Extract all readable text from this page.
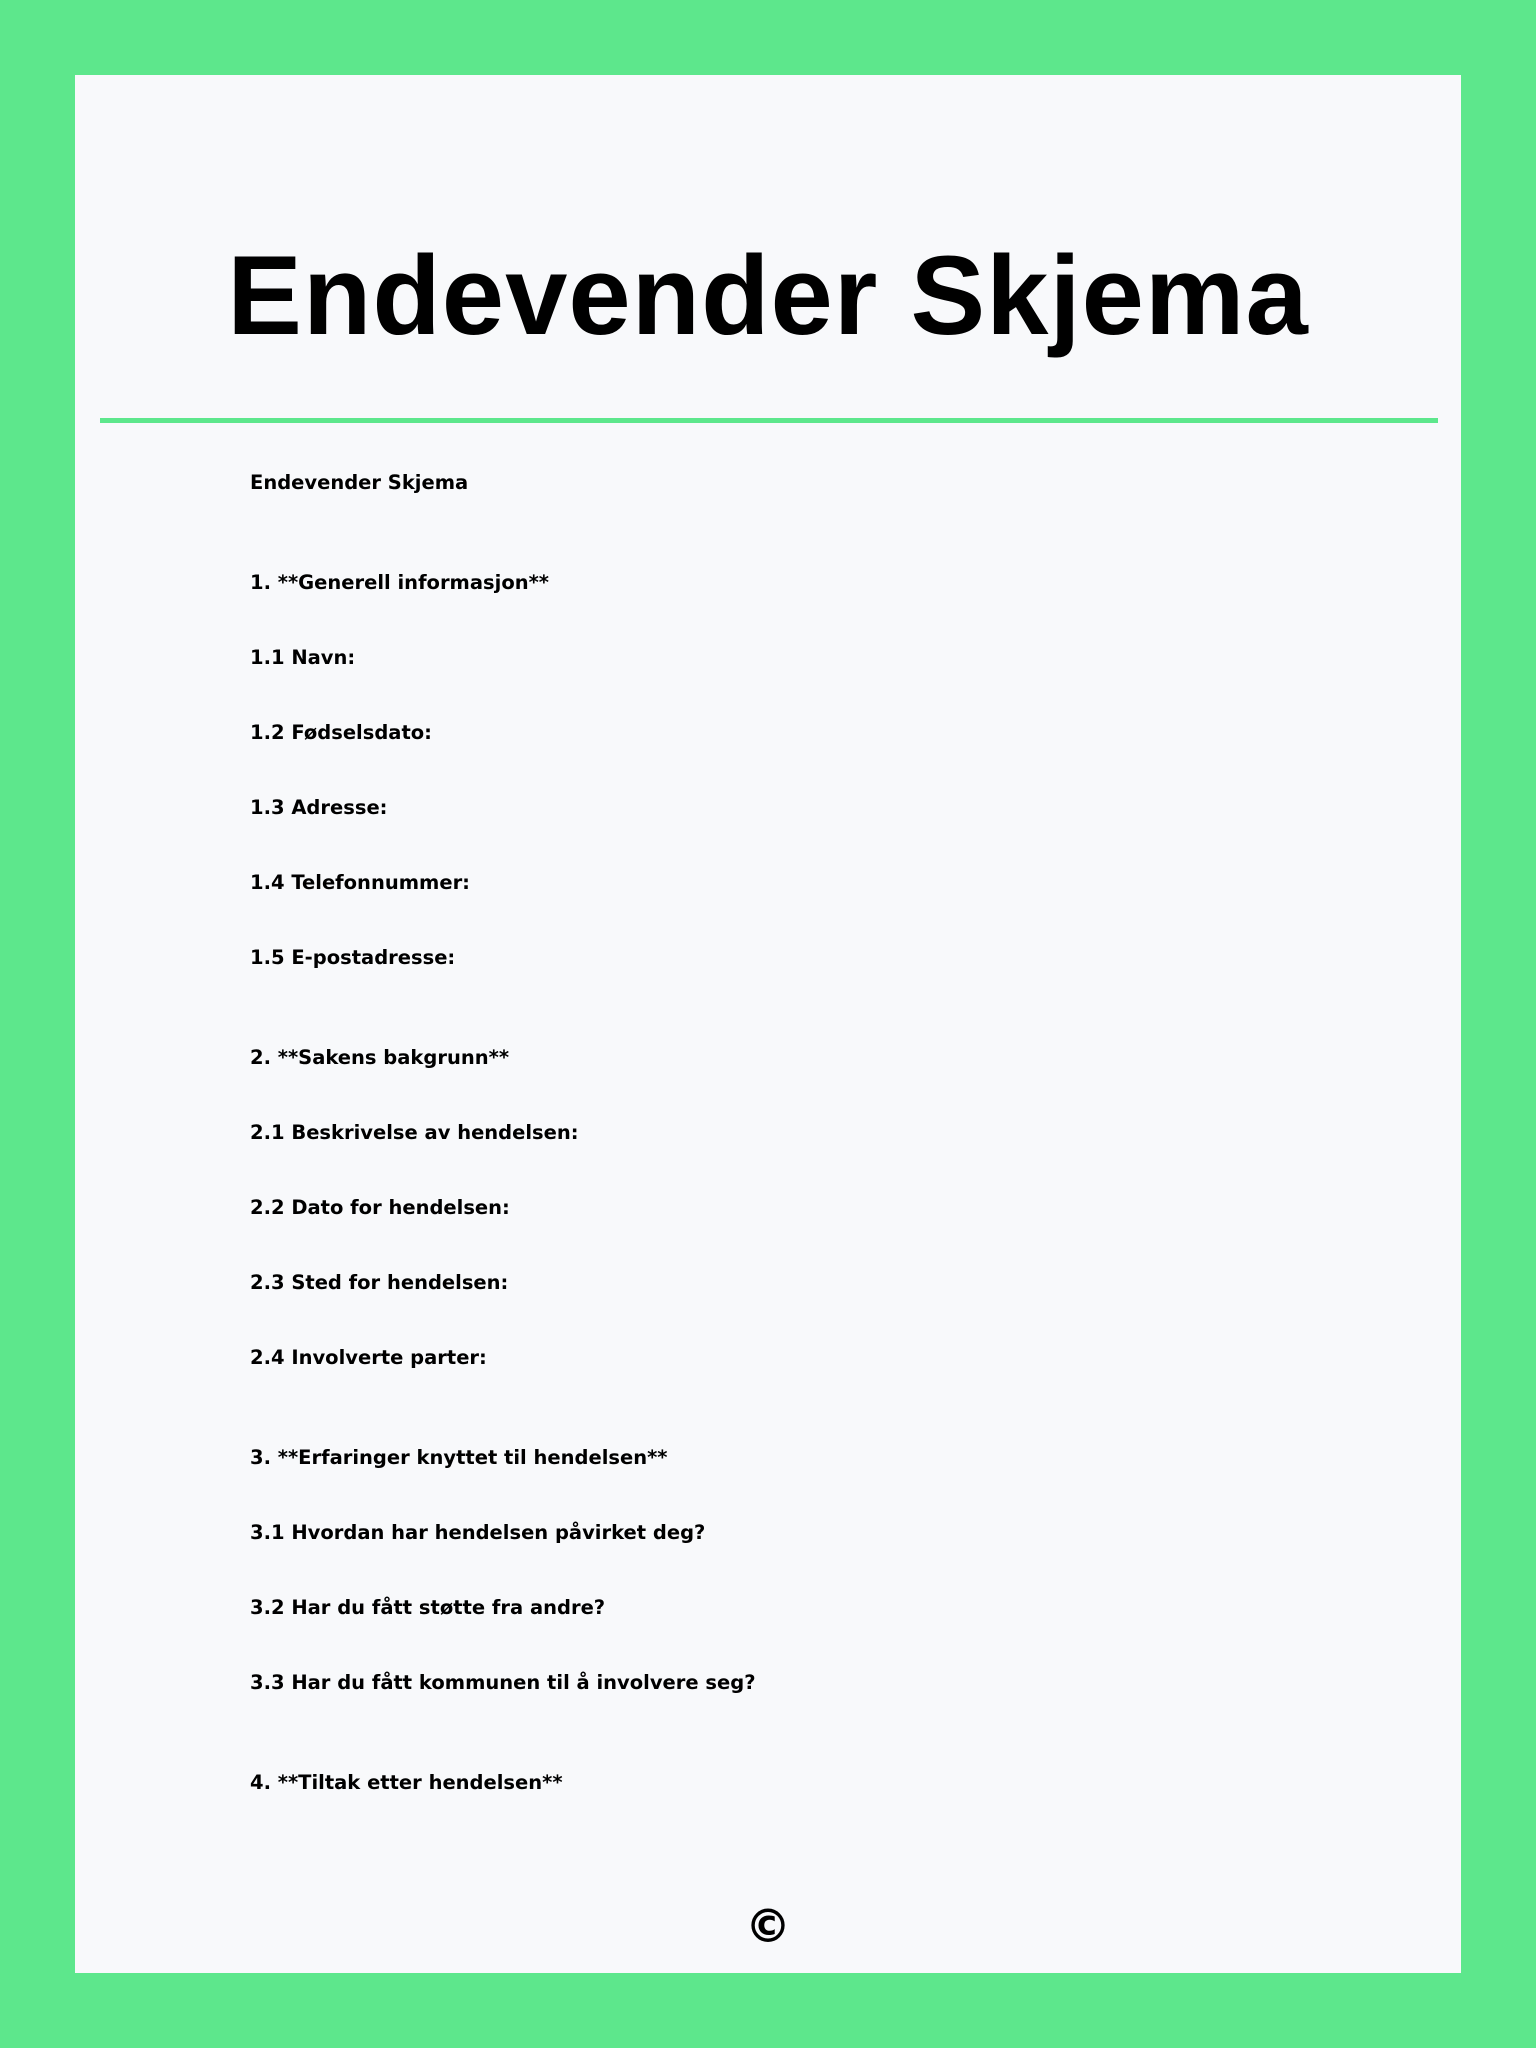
Endevender Skjema

Endevender Skjema

1. **Generell informasjon**

1.1 Navn:

1.2 Fødselsdato:

1.3 Adresse:

1.4 Telefonnummer:

1.5 E-postadresse:

2. **Sakens bakgrunn**

2.1 Beskrivelse av hendelsen:

2.2 Dato for hendelsen:

2.3 Sted for hendelsen:

2.4 Involverte parter:

3. **Erfaringer knyttet til hendelsen**

3.1 Hvordan har hendelsen påvirket deg?

3.2 Har du fått støtte fra andre?

3.3 Har du fått kommunen til å involvere seg?

4. **Tiltak etter hendelsen**

©
